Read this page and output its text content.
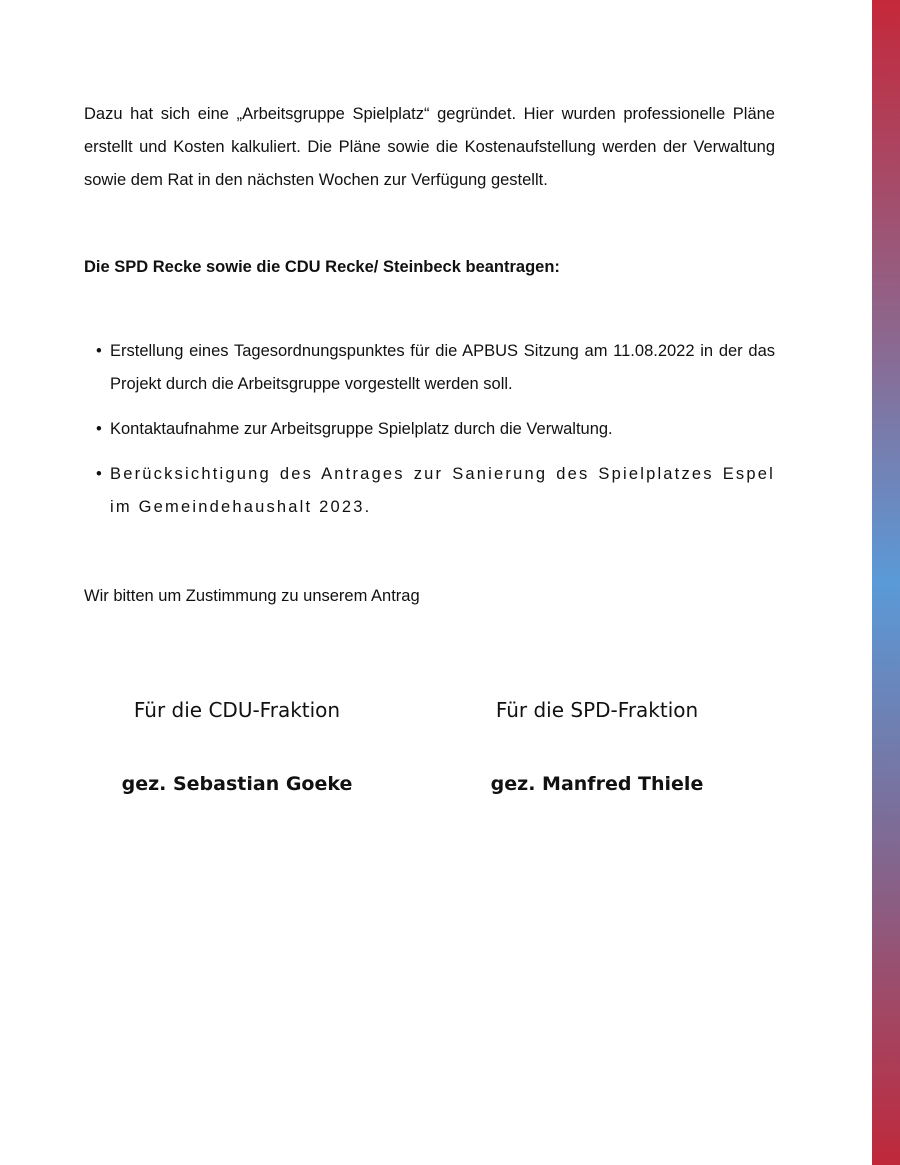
Dazu hat sich eine „Arbeitsgruppe Spielplatz“ gegründet. Hier wurden professionelle Pläne erstellt und Kosten kalkuliert. Die Pläne sowie die Kostenaufstellung werden der Verwaltung sowie dem Rat in den nächsten Wochen zur Verfügung gestellt.

Die SPD Recke sowie die CDU Recke/ Steinbeck beantragen:

• Erstellung eines Tagesordnungspunktes für die APBUS Sitzung am 11.08.2022 in der das Projekt durch die Arbeitsgruppe vorgestellt werden soll.
• Kontaktaufnahme zur Arbeitsgruppe Spielplatz durch die Verwaltung.
• Berücksichtigung des Antrages zur Sanierung des Spielplatzes Espel im Gemeindehaushalt 2023.

Wir bitten um Zustimmung zu unserem Antrag

Für die CDU-Fraktion

gez. Sebastian Goeke

Für die SPD-Fraktion

gez. Manfred Thiele
